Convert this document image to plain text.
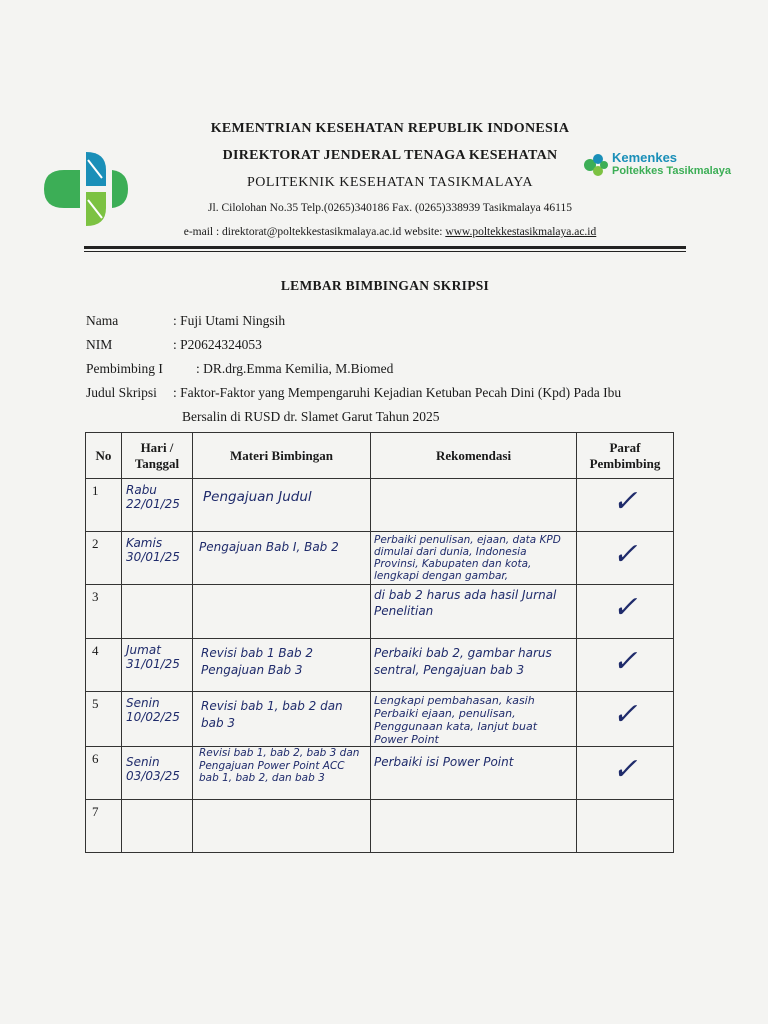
KEMENTRIAN KESEHATAN REPUBLIK INDONESIA
DIREKTORAT JENDERAL TENAGA KESEHATAN
POLITEKNIK KESEHATAN TASIKMALAYA
Jl. Cilolohan No.35 Telp.(0265)340186 Fax. (0265)338939 Tasikmalaya 46115
e-mail : direktorat@poltekkestasikmalaya.ac.id website: www.poltekkestasikmalaya.ac.id
Kemenkes
Poltekkes Tasikmalaya
LEMBAR BIMBINGAN SKRIPSI
Nama	: Fuji Utami Ningsih
NIM	: P20624324053
Pembimbing I : DR.drg.Emma Kemilia, M.Biomed
Judul Skripsi : Faktor-Faktor yang Mempengaruhi Kejadian Ketuban Pecah Dini (Kpd) Pada Ibu
Bersalin di RUSD dr. Slamet Garut Tahun 2025
No	Hari /
Tanggal	Materi Bimbingan	Rekomendasi	Paraf
Pembimbing
1	Rabu
22/01/25	Pengajuan Judul		✓
2	Kamis
30/01/25	Pengajuan Bab I, Bab 2	Perbaiki penulisan, ejaan, data KPD dimulai dari dunia, Indonesia Provinsi, Kabupaten dan kota, lengkapi dengan gambar,	✓
3			di bab 2 harus ada hasil Jurnal Penelitian	✓
4	Jumat
31/01/25	Revisi bab 1 Bab 2 Pengajuan Bab 3	Perbaiki bab 2, gambar harus sentral, Pengajuan bab 3	✓
5	Senin
10/02/25	Revisi bab 1, bab 2 dan bab 3	Lengkapi pembahasan, kasih Perbaiki ejaan, penulisan, Penggunaan kata, lanjut buat Power Point	✓
6	Senin
03/03/25	Revisi bab 1, bab 2, bab 3 dan Pengajuan Power Point ACC bab 1, bab 2, dan bab 3	Perbaiki isi Power Point	✓
7	
